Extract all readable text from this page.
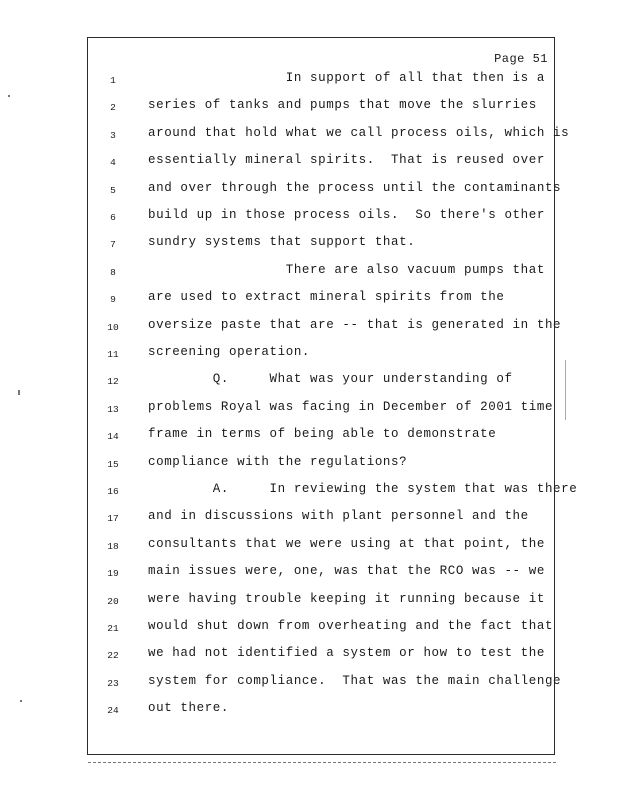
Page 51
1	In support of all that then is a
2	series of tanks and pumps that move the slurries
3	around that hold what we call process oils, which is
4	essentially mineral spirits.  That is reused over
5	and over through the process until the contaminants
6	build up in those process oils.  So there's other
7	sundry systems that support that.
8	There are also vacuum pumps that
9	are used to extract mineral spirits from the
10	oversize paste that are -- that is generated in the
11	screening operation.
12	Q.     What was your understanding of
13	problems Royal was facing in December of 2001 time
14	frame in terms of being able to demonstrate
15	compliance with the regulations?
16	A.     In reviewing the system that was there
17	and in discussions with plant personnel and the
18	consultants that we were using at that point, the
19	main issues were, one, was that the RCO was -- we
20	were having trouble keeping it running because it
21	would shut down from overheating and the fact that
22	we had not identified a system or how to test the
23	system for compliance.  That was the main challenge
24	out there.
